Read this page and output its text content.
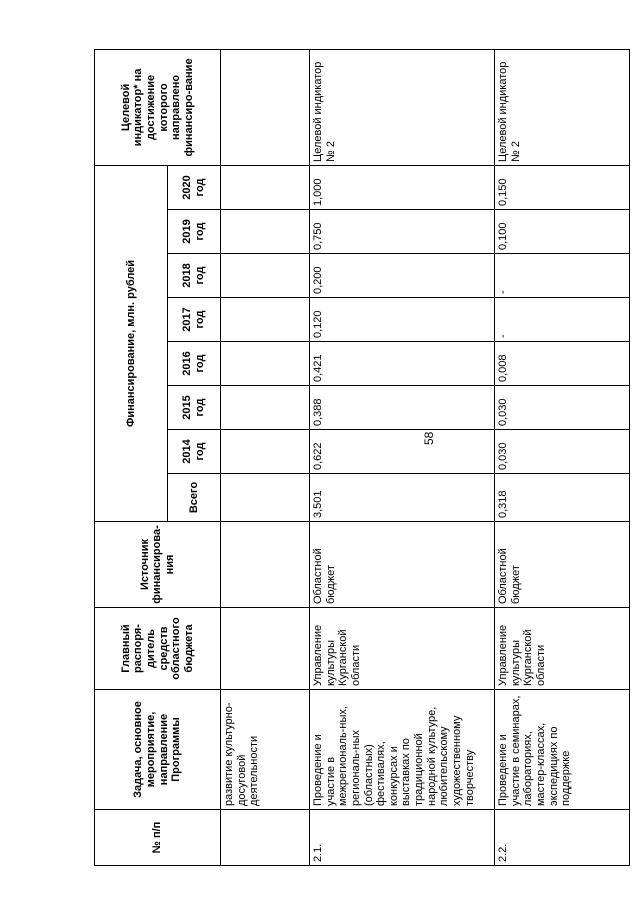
58
№ п/п	Задача, основное мероприятие, направление Программы	Главный распоря-дитель средств областного бюджета	Источник финансирова-ния	Финансирование, млн. рублей								Целевой индикатор* на достижение которого направлено финансиро-вание
				Всего	2014 год	2015 год	2016 год	2017 год	2018 год	2019 год	2020 год	
	развитие культурно-досуговой деятельности											
2.1.	Проведение и участие в межрегиональ-ных, региональ-ных (областных) фестивалях, конкурсах и выставках по традиционной народной культуре, любительскому художественному творчеству	Управление культуры Курганской области	Областной бюджет	3,501	0,622	0,388	0,421	0,120	0,200	0,750	1,000	Целевой индикатор № 2
2.2.	Проведение и участие в семинарах, лабораториях, мастер-классах, экспедициях по поддержке	Управление культуры Курганской области	Областной бюджет	0,318	0,030	0,030	0,008	-	-	0,100	0,150	Целевой индикатор № 2
